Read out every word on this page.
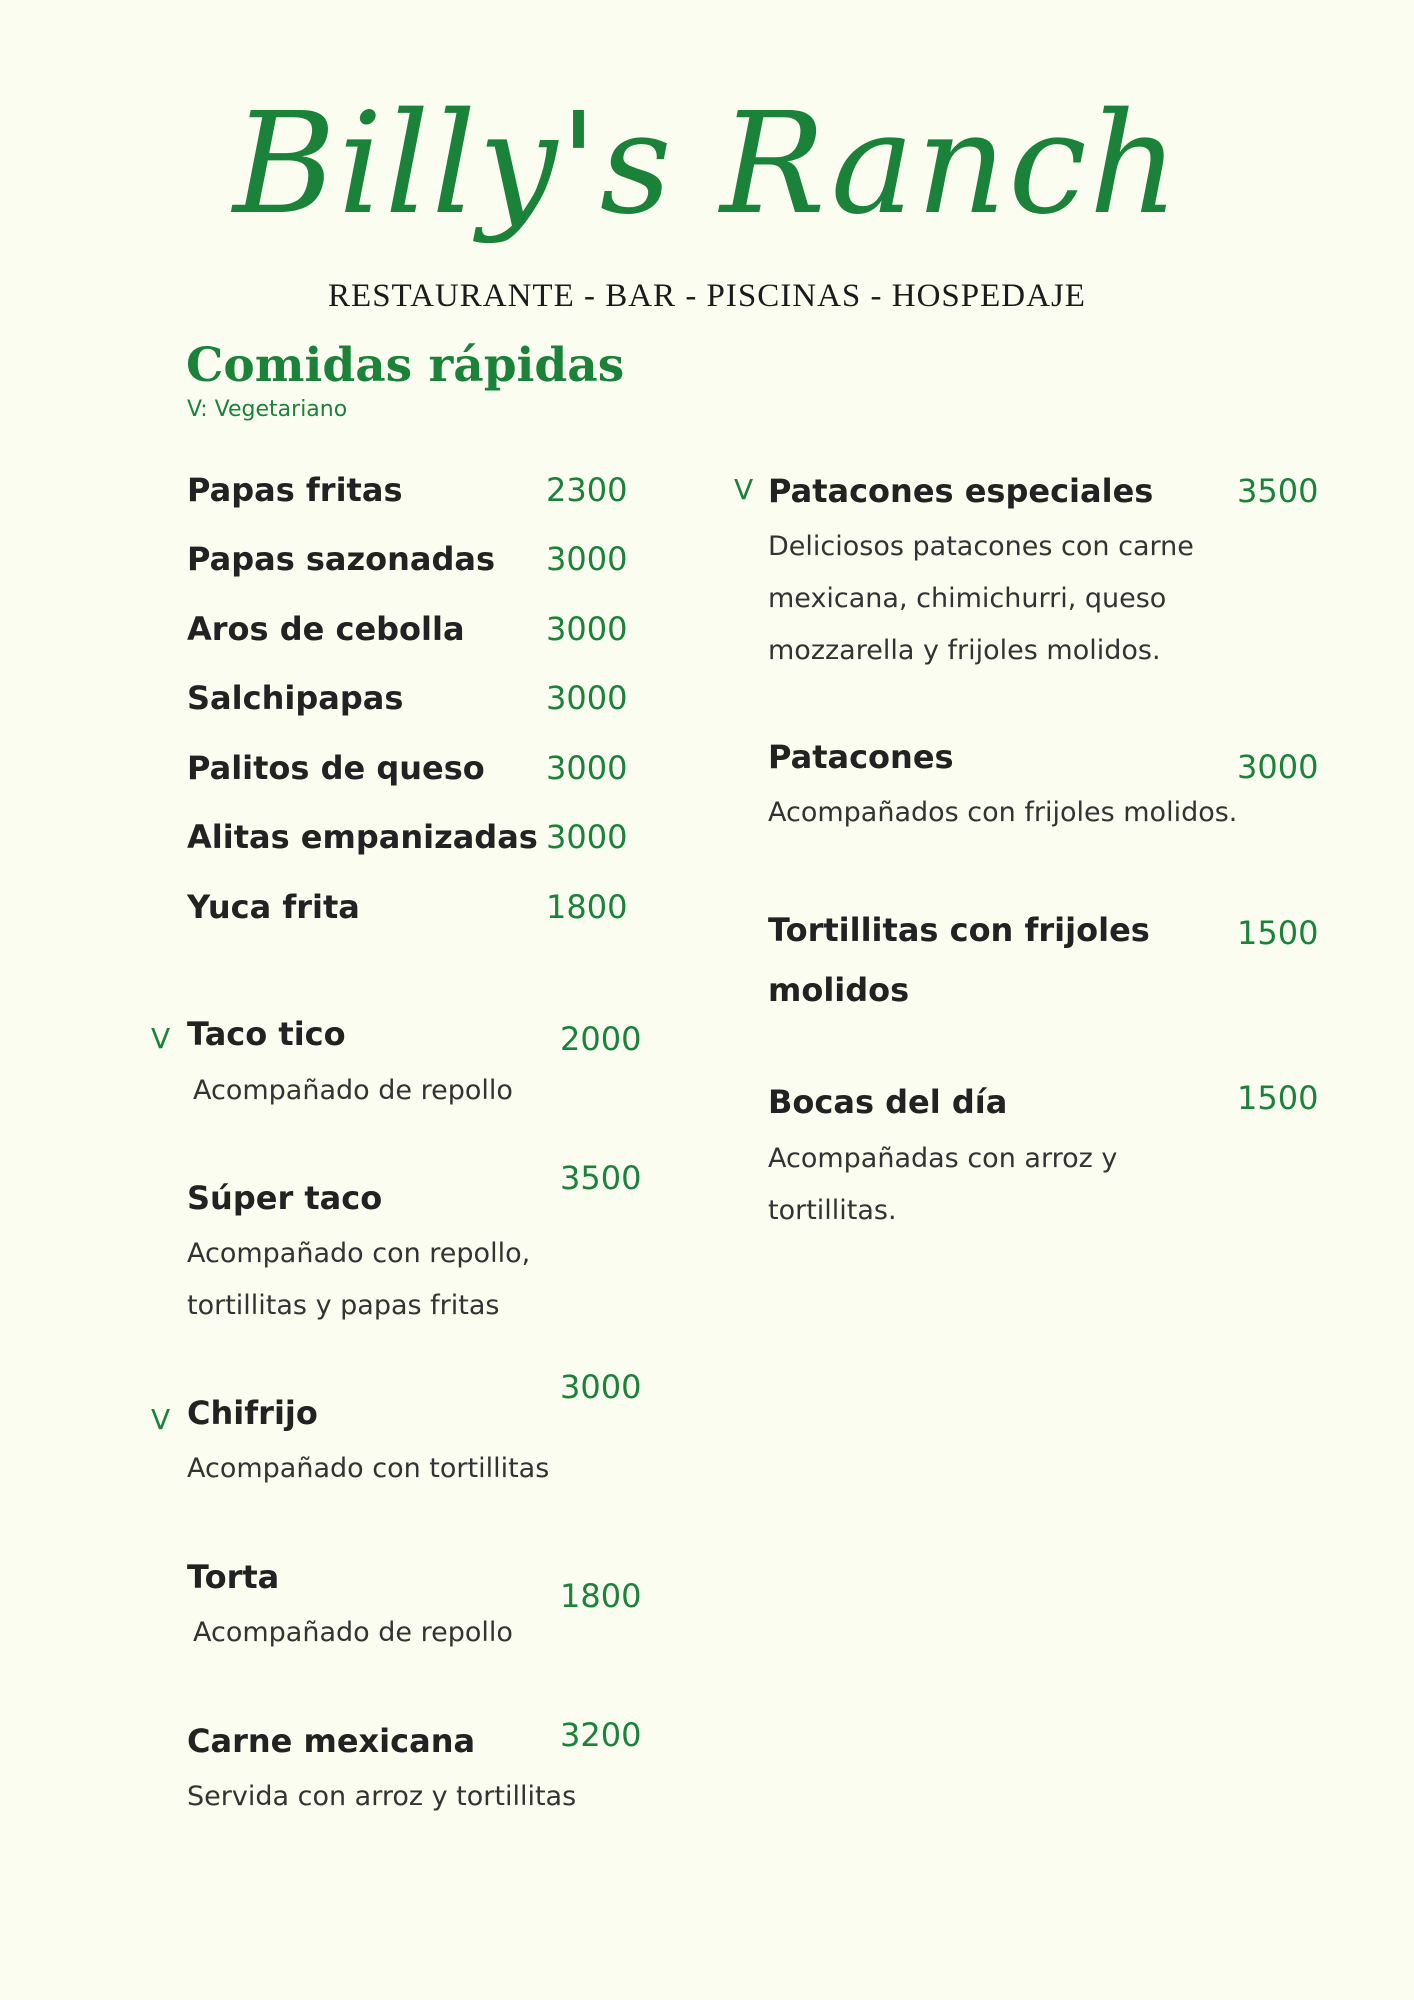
Billy's Ranch
RESTAURANTE - BAR - PISCINAS - HOSPEDAJE
Comidas rápidas
V: Vegetariano
Papas fritas	2300
Papas sazonadas 3000
Aros de cebolla	3000
Salchipapas	3000
Palitos de queso 3000
Alitas empanizadas 3000
Yuca frita	1800
V Taco tico	2000
Acompañado de repollo
Súper taco
3500
Acompañado con repollo, tortillitas y papas fritas
V Chifrijo
3000
Acompañado con tortillitas
Torta	1800
Acompañado de repollo
Carne mexicana	3200
Servida con arroz y tortillitas
V Patacones especiales	3500
Deliciosos patacones con carne mexicana, chimichurri, queso mozzarella y frijoles molidos.
Patacones	3000
Acompañados con frijoles molidos.
Tortillitas con frijoles molidos
1500
Bocas del día	1500
Acompañadas con arroz y tortillitas.
